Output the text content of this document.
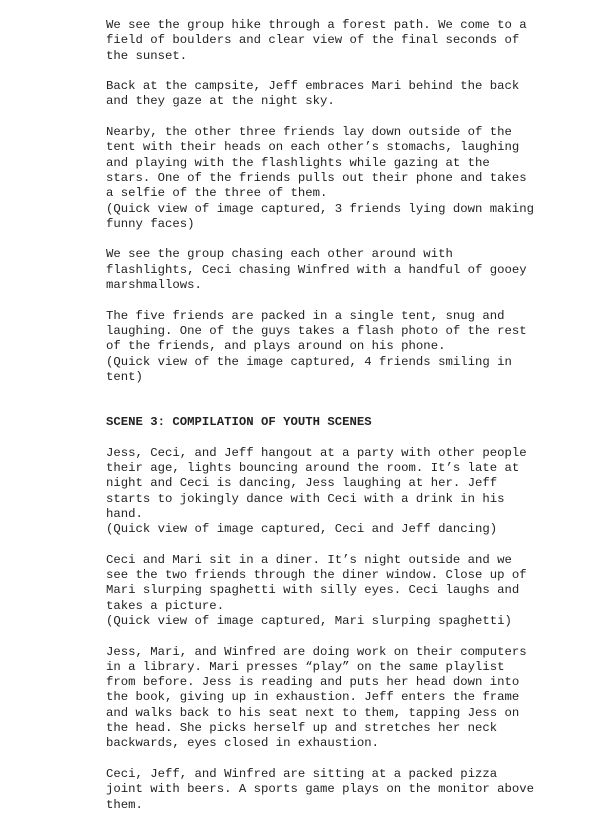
We see the group hike through a forest path. We come to a field of boulders and clear view of the final seconds of the sunset.

Back at the campsite, Jeff embraces Mari behind the back and they gaze at the night sky.

Nearby, the other three friends lay down outside of the tent with their heads on each other’s stomachs, laughing and playing with the flashlights while gazing at the stars. One of the friends pulls out their phone and takes a selfie of the three of them.

(Quick view of image captured, 3 friends lying down making funny faces)

We see the group chasing each other around with flashlights, Ceci chasing Winfred with a handful of gooey marshmallows.

The five friends are packed in a single tent, snug and laughing. One of the guys takes a flash photo of the rest of the friends, and plays around on his phone.

(Quick view of the image captured, 4 friends smiling in tent)

SCENE 3: COMPILATION OF YOUTH SCENES

Jess, Ceci, and Jeff hangout at a party with other people their age, lights bouncing around the room. It’s late at night and Ceci is dancing, Jess laughing at her. Jeff starts to jokingly dance with Ceci with a drink in his hand.

(Quick view of image captured, Ceci and Jeff dancing)

Ceci and Mari sit in a diner. It’s night outside and we see the two friends through the diner window. Close up of Mari slurping spaghetti with silly eyes. Ceci laughs and takes a picture.

(Quick view of image captured, Mari slurping spaghetti)

Jess, Mari, and Winfred are doing work on their computers in a library. Mari presses “play” on the same playlist from before. Jess is reading and puts her head down into the book, giving up in exhaustion. Jeff enters the frame and walks back to his seat next to them, tapping Jess on the head. She picks herself up and stretches her neck backwards, eyes closed in exhaustion.

Ceci, Jeff, and Winfred are sitting at a packed pizza joint with beers. A sports game plays on the monitor above them.
